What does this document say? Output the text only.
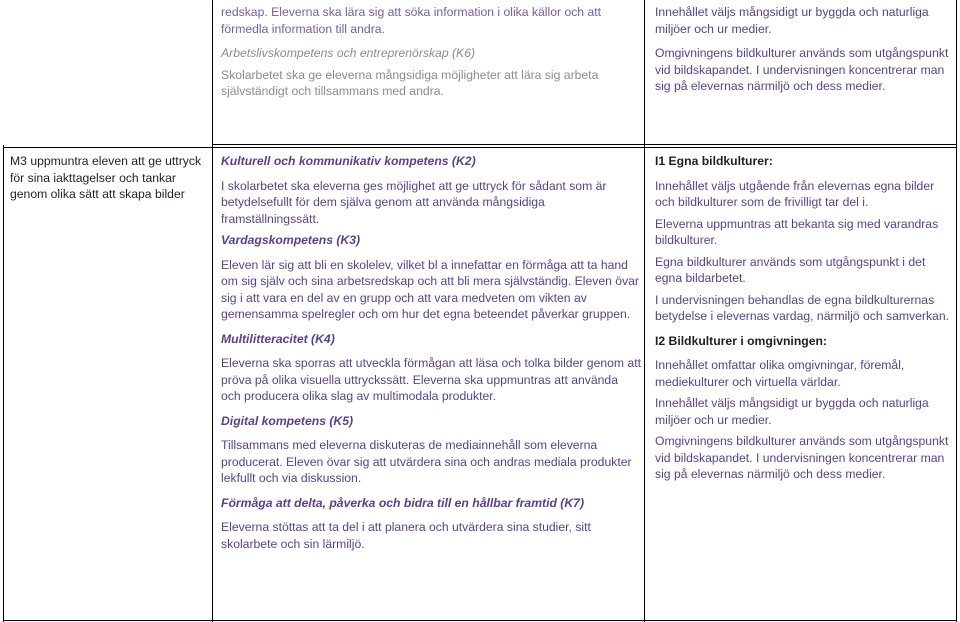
redskap. Eleverna ska lära sig att söka information i olika källor och att förmedla information till andra.

Arbetslivskompetens och entreprenörskap (K6)

Skolarbetet ska ge eleverna mångsidiga möjligheter att lära sig arbeta självständigt och tillsammans med andra.

Innehållet väljs mångsidigt ur byggda och naturliga miljöer och ur medier.

Omgivningens bildkulturer används som utgångspunkt vid bildskapandet. I undervisningen koncentrerar man sig på elevernas närmiljö och dess medier.

M3 uppmuntra eleven att ge uttryck för sina iakttagelser och tankar genom olika sätt att skapa bilder

Kulturell och kommunikativ kompetens (K2)

I skolarbetet ska eleverna ges möjlighet att ge uttryck för sådant som är betydelsefullt för dem själva genom att använda mångsidiga framställningssätt.

Vardagskompetens (K3)

Eleven lär sig att bli en skolelev, vilket bl a innefattar en förmåga att ta hand om sig själv och sina arbetsredskap och att bli mera självständig. Eleven övar sig i att vara en del av en grupp och att vara medveten om vikten av gemensamma spelregler och om hur det egna beteendet påverkar gruppen.

Multilitteracitet (K4)

Eleverna ska sporras att utveckla förmågan att läsa och tolka bilder genom att pröva på olika visuella uttryckssätt. Eleverna ska uppmuntras att använda och producera olika slag av multimodala produkter.

Digital kompetens (K5)

Tillsammans med eleverna diskuteras de mediainnehåll som eleverna producerat. Eleven övar sig att utvärdera sina och andras mediala produkter lekfullt och via diskussion.

Förmåga att delta, påverka och bidra till en hållbar framtid (K7)

Eleverna stöttas att ta del i att planera och utvärdera sina studier, sitt skolarbete och sin lärmiljö.

I1 Egna bildkulturer:

Innehållet väljs utgående från elevernas egna bilder och bildkulturer som de frivilligt tar del i.

Eleverna uppmuntras att bekanta sig med varandras bildkulturer.

Egna bildkulturer används som utgångspunkt i det egna bildarbetet.

I undervisningen behandlas de egna bildkulturernas betydelse i elevernas vardag, närmiljö och samverkan.

I2 Bildkulturer i omgivningen:

Innehållet omfattar olika omgivningar, föremål, mediekulturer och virtuella världar.

Innehållet väljs mångsidigt ur byggda och naturliga miljöer och ur medier.

Omgivningens bildkulturer används som utgångspunkt vid bildskapandet. I undervisningen koncentrerar man sig på elevernas närmiljö och dess medier.
